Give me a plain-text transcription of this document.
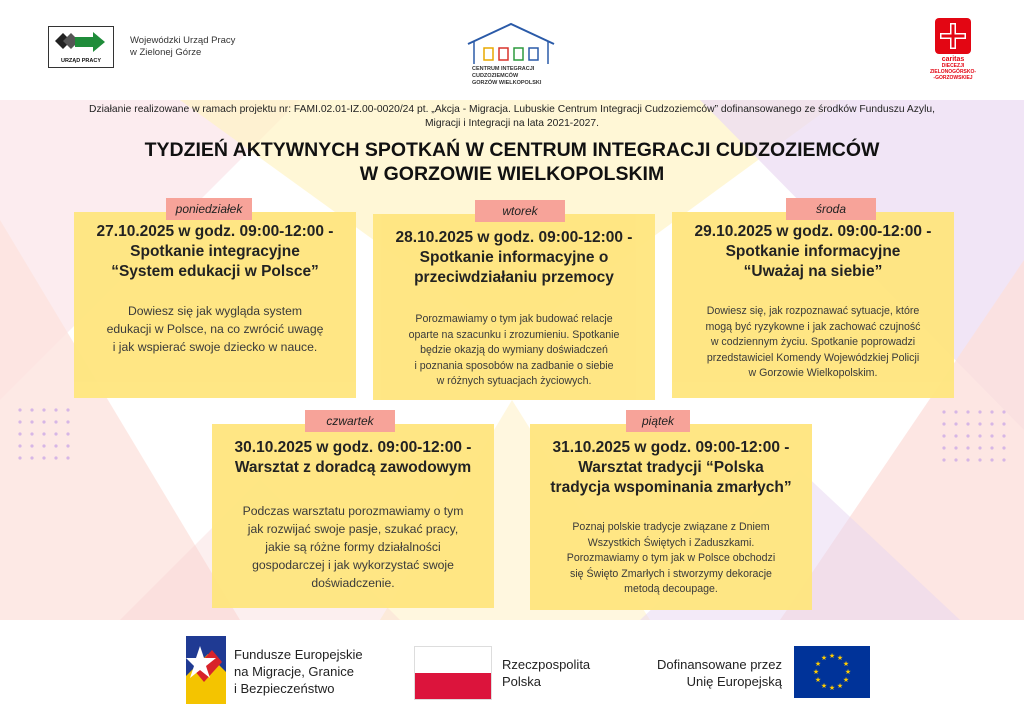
URZĄD PRACY
Wojewódzki Urząd Pracy
w Zielonej Górze
CENTRUM INTEGRACJI CUDZOZIEMCÓW
GORZÓW WIELKOPOLSKI
caritas
DIECEZJI
ZIELONOGÓRSKO-
-GORZOWSKIEJ
Działanie realizowane w ramach projektu nr: FAMI.02.01-IZ.00-0020/24 pt. „Akcja - Migracja. Lubuskie Centrum Integracji Cudzoziemców” dofinansowanego ze środków Funduszu Azylu,
Migracji i Integracji na lata 2021-2027.
TYDZIEŃ AKTYWNYCH SPOTKAŃ W CENTRUM INTEGRACJI CUDZOZIEMCÓW
W GORZOWIE WIELKOPOLSKIM
27.10.2025 w godz. 09:00-12:00 -
Spotkanie integracyjne
“System edukacji w Polsce”
Dowiesz się jak wygląda system
edukacji w Polsce, na co zwrócić uwagę
i jak wspierać swoje dziecko w nauce.
poniedziałek
28.10.2025 w godz. 09:00-12:00 -
Spotkanie informacyjne o
przeciwdziałaniu przemocy
Porozmawiamy o tym jak budować relacje
oparte na szacunku i zrozumieniu. Spotkanie
będzie okazją do wymiany doświadczeń
i poznania sposobów na zadbanie o siebie
w różnych sytuacjach życiowych.
wtorek
29.10.2025 w godz. 09:00-12:00 -
Spotkanie informacyjne
“Uważaj na siebie”
Dowiesz się, jak rozpoznawać sytuacje, które
mogą być ryzykowne i jak zachować czujność
w codziennym życiu. Spotkanie poprowadzi
przedstawiciel Komendy Wojewódzkiej Policji
w Gorzowie Wielkopolskim.
środa
30.10.2025 w godz. 09:00-12:00 -
Warsztat z doradcą zawodowym
Podczas warsztatu porozmawiamy o tym
jak rozwijać swoje pasje, szukać pracy,
jakie są różne formy działalności
gospodarczej i jak wykorzystać swoje
doświadczenie.
czwartek
31.10.2025 w godz. 09:00-12:00 -
Warsztat tradycji “Polska
tradycja wspominania zmarłych”
Poznaj polskie tradycje związane z Dniem
Wszystkich Świętych i Zaduszkami.
Porozmawiamy o tym jak w Polsce obchodzi
się Święto Zmarłych i stworzymy dekoracje
metodą decoupage.
piątek
Fundusze Europejskie
na Migracje, Granice
i Bezpieczeństwo
Rzeczpospolita
Polska
Dofinansowane przez
Unię Europejską
★ ★
★
★
★
★
★
★
★
★
★
★
